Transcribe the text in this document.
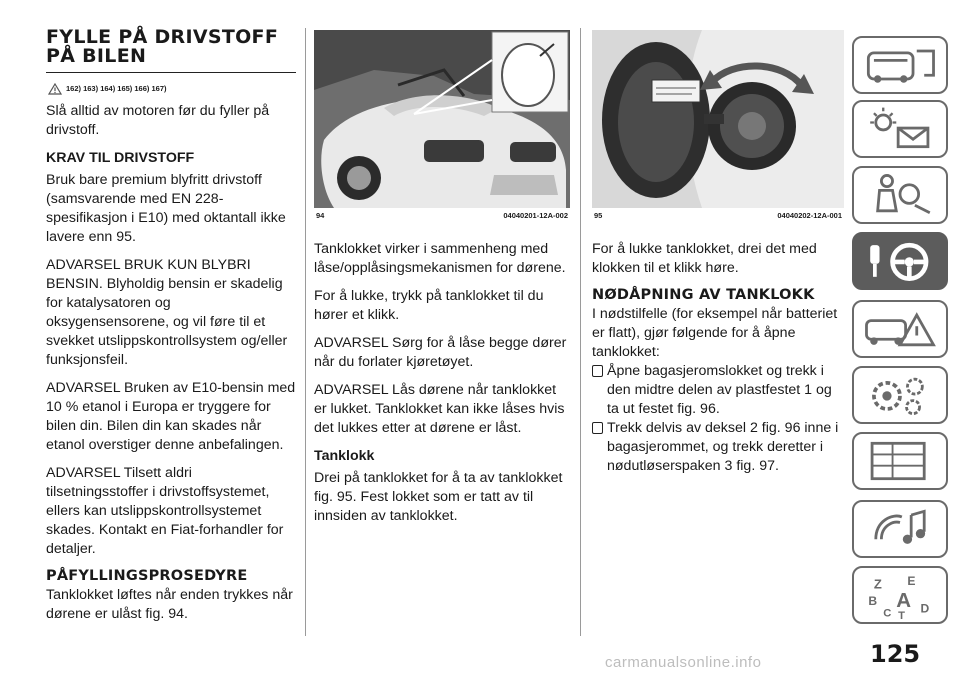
FYLLE PÅ DRIVSTOFF PÅ BILEN
162) 163) 164) 165) 166) 167)

Slå alltid av motoren før du fyller på drivstoff.

KRAV TIL DRIVSTOFF

Bruk bare premium blyfritt drivstoff (samsvarende med EN 228-spesifikasjon i E10) med oktantall ikke lavere enn 95.

ADVARSEL BRUK KUN BLYBRI BENSIN. Blyholdig bensin er skadelig for katalysatoren og oksygensensorene, og vil føre til et svekket utslippskontrollsystem og/eller funksjonsfeil.

ADVARSEL Bruken av E10-bensin med 10 % etanol i Europa er tryggere for bilen din. Bilen din kan skades når etanol overstiger denne anbefalingen.

ADVARSEL Tilsett aldri tilsetningsstoffer i drivstoffsystemet, ellers kan utslippskontrollsystemet skades. Kontakt en Fiat-forhandler for detaljer.

PÅFYLLINGSPROSEDYRE

Tanklokket løftes når enden trykkes når dørene er ulåst fig. 94.

94	04040201-12A-002	95	04040202-12A-001

Tanklokket virker i sammenheng med låse/opplåsingsmekanismen for dørene.

For å lukke, trykk på tanklokket til du hører et klikk.

ADVARSEL Sørg for å låse begge dører når du forlater kjøretøyet.

ADVARSEL Lås dørene når tanklokket er lukket. Tanklokket kan ikke låses hvis det lukkes etter at dørene er låst.

Tanklokk

Drei på tanklokket for å ta av tanklokket fig. 95. Fest lokket som er tatt av til innsiden av tanklokket.

For å lukke tanklokket, drei det med klokken til et klikk høre.

NØDÅPNING AV TANKLOKK

I nødstilfelle (for eksempel når batteriet er flatt), gjør følgende for å åpne tanklokket:

Åpne bagasjeromslokket og trekk i den midtre delen av plastfestet 1 og ta ut festet fig. 96.
Trekk delvis av deksel 2 fig. 96 inne i bagasjerommet, og trekk deretter i nødutløserspaken 3 fig. 97.
Z E
B A
C T
D
125
carmanualsonline.info
